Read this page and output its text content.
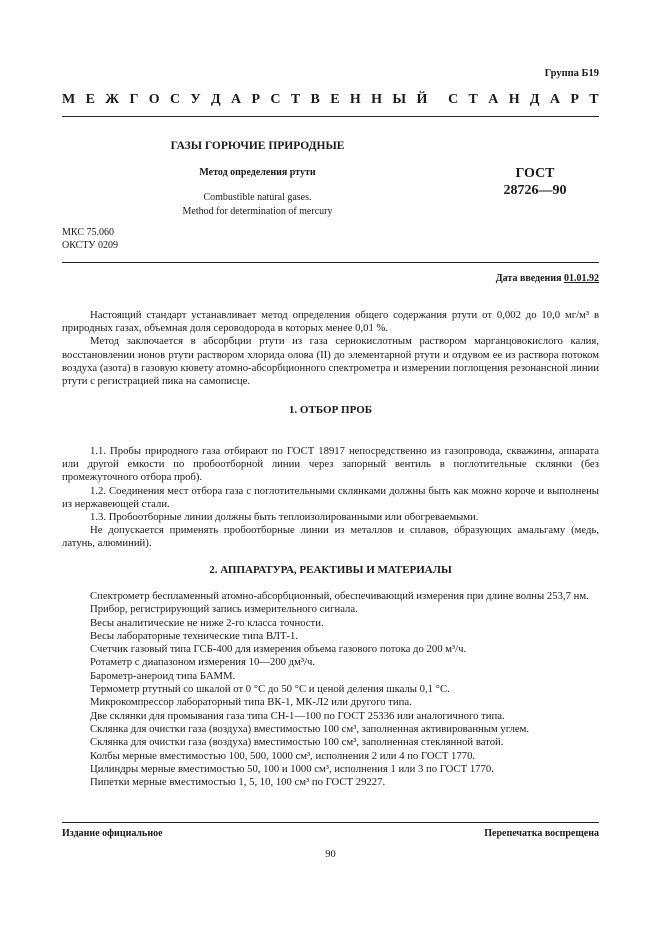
Группа Б19
М Е Ж Г О С У Д А Р С Т В Е Н Н Ы Й С Т А Н Д А Р Т
ГАЗЫ ГОРЮЧИЕ ПРИРОДНЫЕ
Метод определения ртути
Combustible natural gases.
Method for determination of mercury
ГОСТ
28726—90
МКС 75.060
ОКСТУ 0209
Дата введения 01.01.92

Настоящий стандарт устанавливает метод определения общего содержания ртути от 0,002 до 10,0 мг/м³ в природных газах, объемная доля сероводорода в которых менее 0,01 %.

Метод заключается в абсорбции ртути из газа сернокислотным раствором марганцовокислого калия, восстановлении ионов ртути раствором хлорида олова (II) до элементарной ртути и отдувом ее из раствора потоком воздуха (азота) в газовую кювету атомно-абсорбционного спектрометра и измерении поглощения резонансной линии ртути с регистрацией пика на самописце.

1. ОТБОР ПРОБ

1.1. Пробы природного газа отбирают по ГОСТ 18917 непосредственно из газопровода, скважины, аппарата или другой емкости по пробоотборной линии через запорный вентиль в поглотительные склянки (без промежуточного отбора проб).

1.2. Соединения мест отбора газа с поглотительными склянками должны быть как можно короче и выполнены из нержавеющей стали.

1.3. Пробоотборные линии должны быть теплоизолированными или обогреваемыми.

Не допускается применять пробоотборные линии из металлов и сплавов, образующих амальгаму (медь, латунь, алюминий).

2. АППАРАТУРА, РЕАКТИВЫ И МАТЕРИАЛЫ

Спектрометр беспламенный атомно-абсорбционный, обеспечивающий измерения при длине волны 253,7 нм.

Прибор, регистрирующий запись измерительного сигнала.

Весы аналитические не ниже 2-го класса точности.

Весы лабораторные технические типа ВЛТ-1.

Счетчик газовый типа ГСБ-400 для измерения объема газового потока до 200 м³/ч.

Ротаметр с диапазоном измерения 10—200 дм³/ч.

Барометр-анероид типа БАММ.

Термометр ртутный со шкалой от 0 °С до 50 °С и ценой деления шкалы 0,1 °С.

Микрокомпрессор лабораторный типа ВК-1, МК-Л2 или другого типа.

Две склянки для промывания газа типа СН-1—100 по ГОСТ 25336 или аналогичного типа.

Склянка для очистки газа (воздуха) вместимостью 100 см³, заполненная активированным углем.

Склянка для очистки газа (воздуха) вместимостью 100 см³, заполненная стеклянной ватой.

Колбы мерные вместимостью 100, 500, 1000 см³, исполнения 2 или 4 по ГОСТ 1770.

Цилиндры мерные вместимостью 50, 100 и 1000 см³, исполнения 1 или 3 по ГОСТ 1770.

Пипетки мерные вместимостью 1, 5, 10, 100 см³ по ГОСТ 29227.

Издание официальное	Перепечатка воспрещена
90
